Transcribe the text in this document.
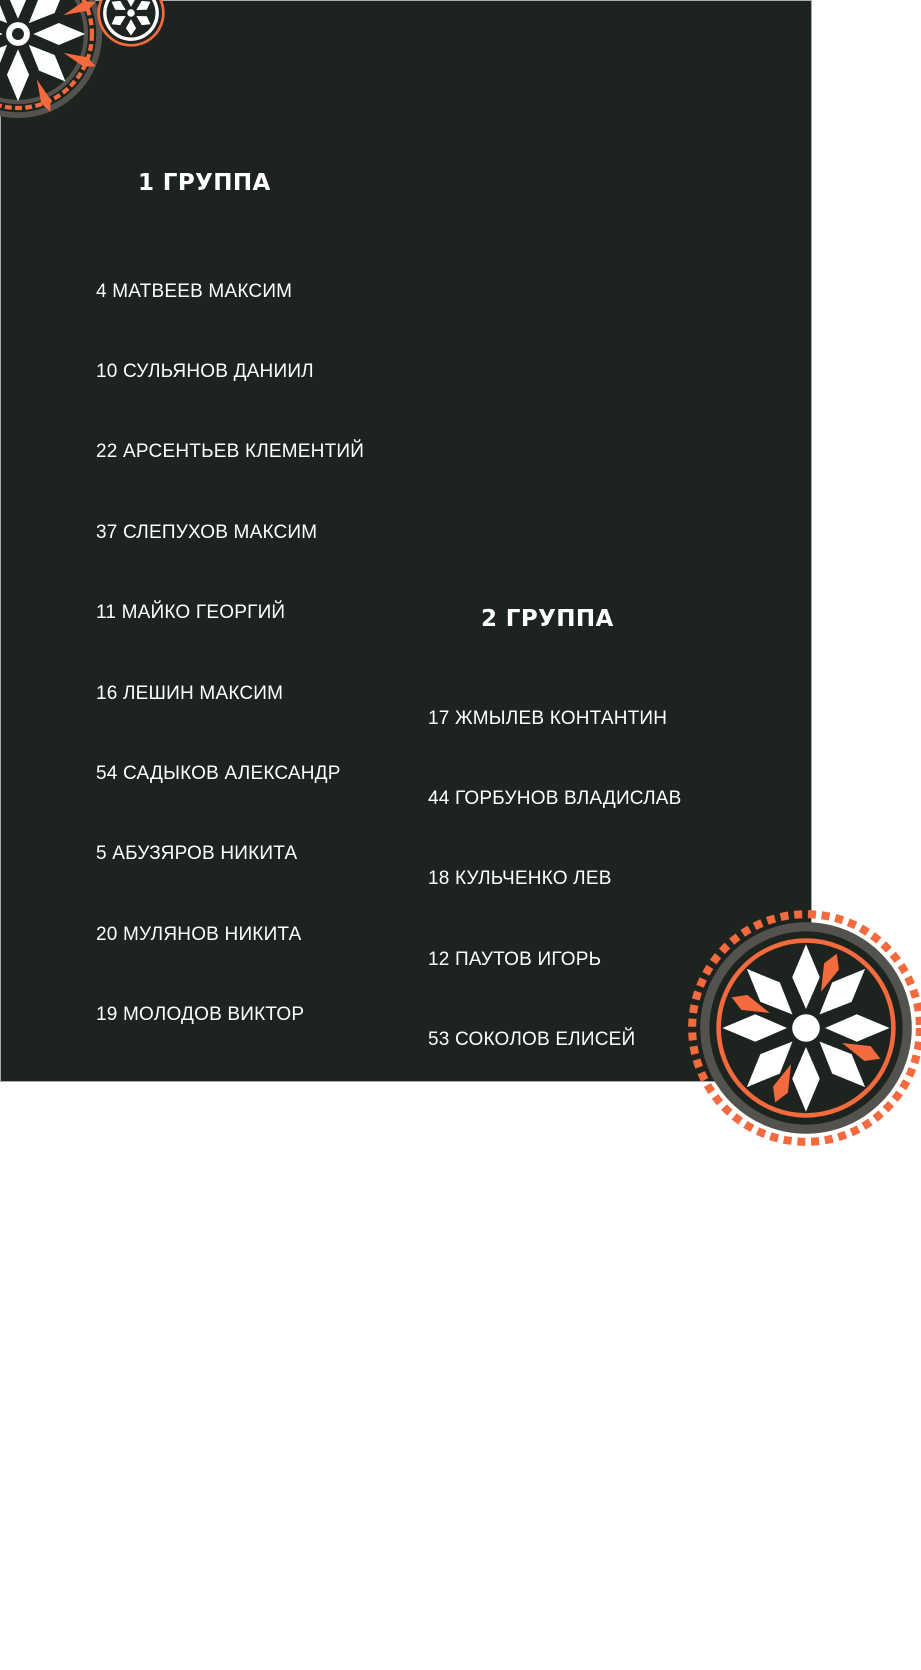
1 ГРУППА

4 МАТВЕЕВ МАКСИМ

10 СУЛЬЯНОВ ДАНИИЛ

22 АРСЕНТЬЕВ КЛЕМЕНТИЙ

37 СЛЕПУХОВ МАКСИМ

11 МАЙКО ГЕОРГИЙ

16 ЛЕШИН МАКСИМ

54 САДЫКОВ АЛЕКСАНДР

5 АБУЗЯРОВ НИКИТА

20 МУЛЯНОВ НИКИТА

19 МОЛОДОВ ВИКТОР

23 МАЦУКОВ АЛЕКСАНДР

21 ИШТУЛКИН ДМИТРИЙ

2 ГРУППА

17 ЖМЫЛЕВ КОНТАНТИН

44 ГОРБУНОВ ВЛАДИСЛАВ

18 КУЛЬЧЕНКО ЛЕВ

12 ПАУТОВ ИГОРЬ

53 СОКОЛОВ ЕЛИСЕЙ

7 АНДРИАНОВ АЛЕКСАНДР

8 ИЗЕНЁВ ИГОРЬ

63 ВИХЛЯЕВ СЕРГЕЙ

114 АВДЮШКИН СТАНИСЛАВ

150 АЛЕХИН КИРИЛЛ

111 КОНОВАЛОВ АЛЕКСАНДР

24  НИКОЛАЙ РЕМЕЗОВ
